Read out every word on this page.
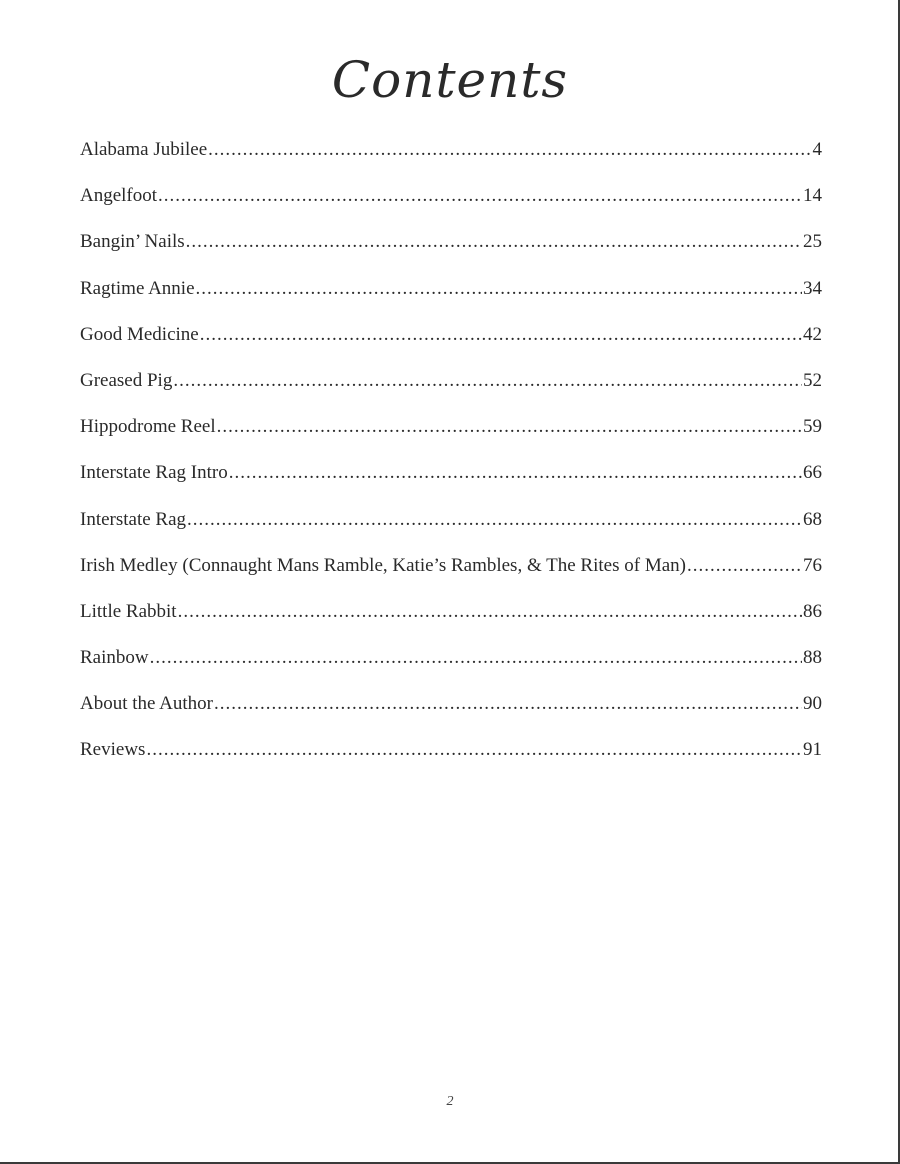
Contents
Alabama Jubilee .....	4
Angelfoot .....	14
Bangin’ Nails .....	25
Ragtime Annie .....	34
Good Medicine .....	42
Greased Pig .....	52
Hippodrome Reel .....	59
Interstate Rag Intro .....	66
Interstate Rag .....	68
Irish Medley (Connaught Mans Ramble, Katie’s Rambles, & The Rites of Man) .....	76
Little Rabbit .....	86
Rainbow .....	88
About the Author .....	90
Reviews .....	91
2
